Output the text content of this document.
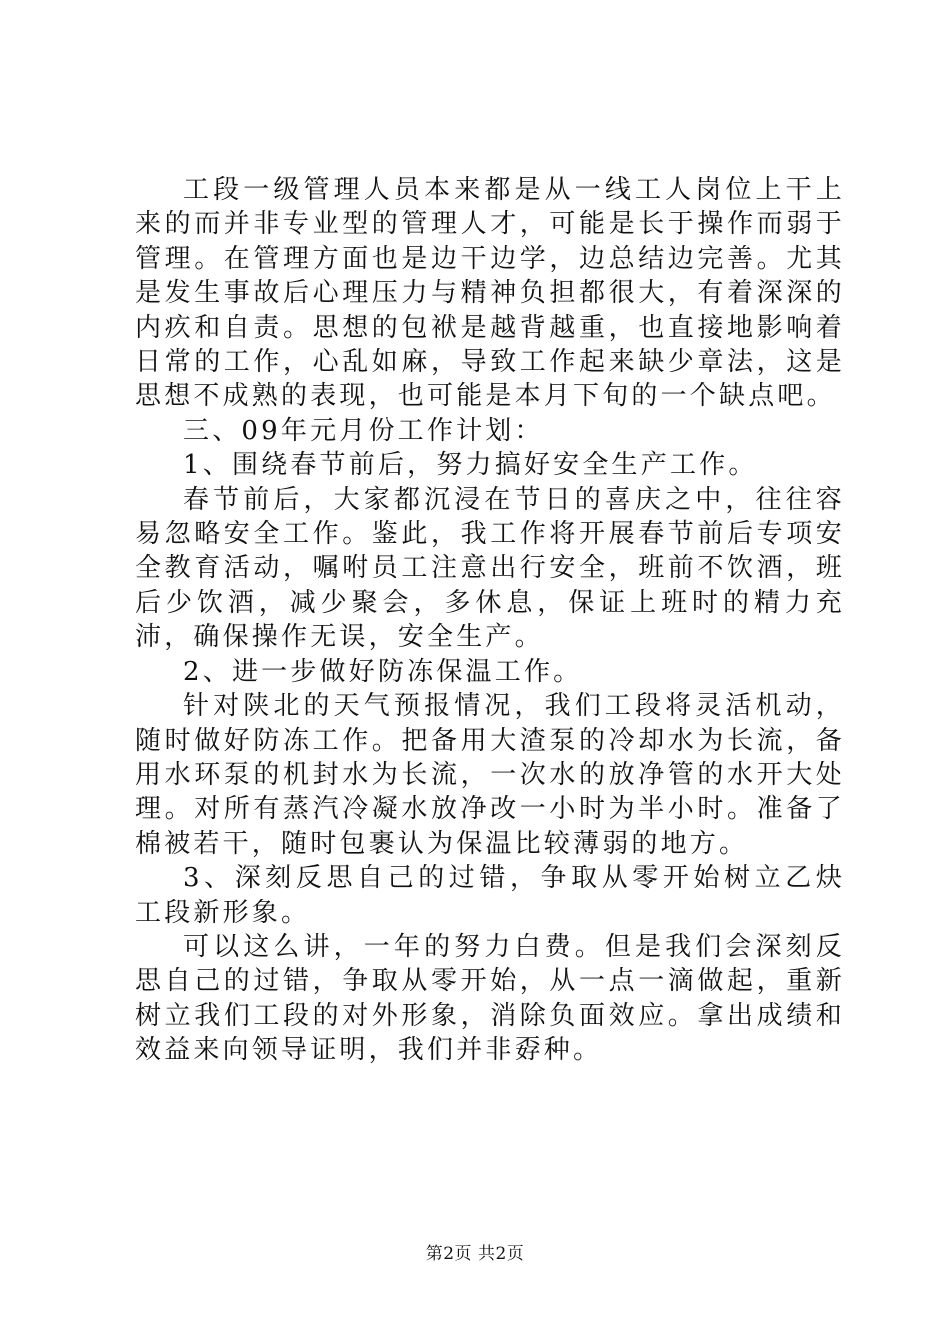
工段一级管理人员本来都是从一线工人岗位上干上来的而并非专业型的管理人才，可能是长于操作而弱于管理。在管理方面也是边干边学，边总结边完善。尤其是发生事故后心理压力与精神负担都很大，有着深深的内疚和自责。思想的包袱是越背越重，也直接地影响着日常的工作，心乱如麻，导致工作起来缺少章法，这是思想不成熟的表现，也可能是本月下旬的一个缺点吧。

三、09年元月份工作计划：

1、围绕春节前后，努力搞好安全生产工作。

春节前后，大家都沉浸在节日的喜庆之中，往往容易忽略安全工作。鉴此，我工作将开展春节前后专项安全教育活动，嘱咐员工注意出行安全，班前不饮酒，班后少饮酒，减少聚会，多休息，保证上班时的精力充沛，确保操作无误，安全生产。

2、进一步做好防冻保温工作。

针对陕北的天气预报情况，我们工段将灵活机动，随时做好防冻工作。把备用大渣泵的冷却水为长流，备用水环泵的机封水为长流，一次水的放净管的水开大处理。对所有蒸汽冷凝水放净改一小时为半小时。准备了棉被若干，随时包裹认为保温比较薄弱的地方。

3、深刻反思自己的过错，争取从零开始树立乙炔工段新形象。

可以这么讲，一年的努力白费。但是我们会深刻反思自己的过错，争取从零开始，从一点一滴做起，重新树立我们工段的对外形象，消除负面效应。拿出成绩和效益来向领导证明，我们并非孬种。

第2页 共2页
